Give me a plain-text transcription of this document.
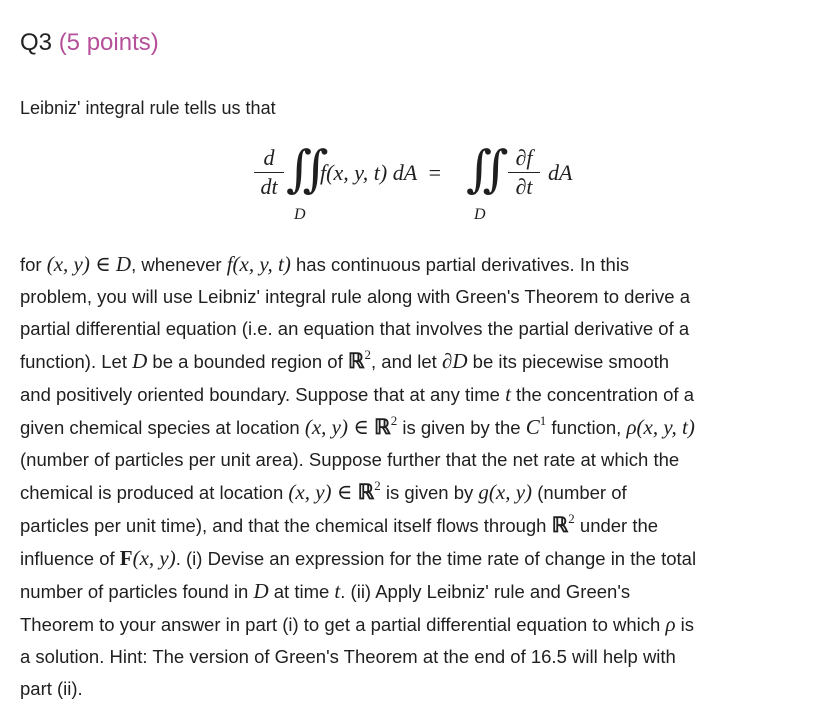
Q3 (5 points)
Leibniz' integral rule tells us that
d
dt ∬
D
f(x, y, t) dA = ∬
D
∂f
∂t
dA
for (x, y) ∈ D, whenever f(x, y, t) has continuous partial derivatives. In this
problem, you will use Leibniz' integral rule along with Green's Theorem to derive a
partial differential equation (i.e. an equation that involves the partial derivative of a
function). Let D be a bounded region of ℝ$^2$, and let ∂D be its piecewise smooth
and positively oriented boundary. Suppose that at any time t the concentration of a
given chemical species at location (x, y) ∈ ℝ$^2$ is given by the $C^1$ function, ρ(x, y, t)
(number of particles per unit area). Suppose further that the net rate at which the
chemical is produced at location (x, y) ∈ ℝ$^2$ is given by g(x, y) (number of
particles per unit time), and that the chemical itself flows through ℝ$^2$ under the
influence of F(x, y). (i) Devise an expression for the time rate of change in the total
number of particles found in D at time t. (ii) Apply Leibniz' rule and Green's
Theorem to your answer in part (i) to get a partial differential equation to which ρ is
a solution. Hint: The version of Green's Theorem at the end of 16.5 will help with
part (ii).
